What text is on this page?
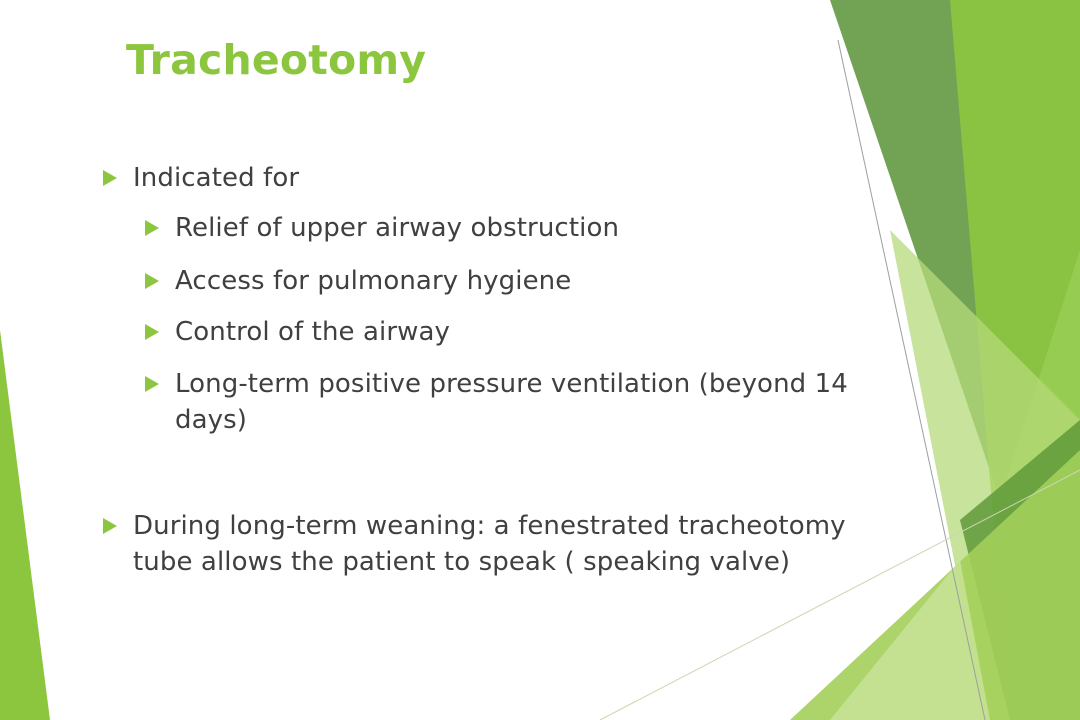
Tracheotomy
Indicated for
Relief of upper airway obstruction
Access for pulmonary hygiene
Control of the airway
Long-term positive pressure ventilation (beyond 14 days)
During long-term weaning: a fenestrated tracheotomy tube allows the patient to speak ( speaking valve)
